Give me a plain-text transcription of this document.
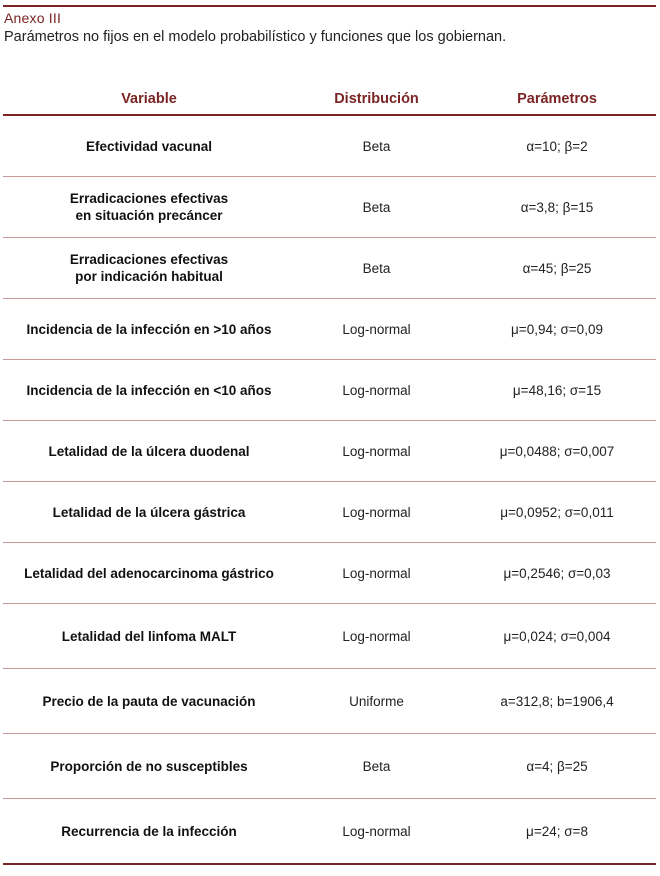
Anexo III
Parámetros no fijos en el modelo probabilístico y funciones que los gobiernan.
Variable	Distribución	Parámetros

Efectividad vacunal	Beta	α=10; β=2

Erradicaciones efectivas
en situación precáncer	Beta	α=3,8; β=15

Erradicaciones efectivas
por indicación habitual	Beta	α=45; β=25

Incidencia de la infección en >10 años	Log-normal	μ=0,94; σ=0,09

Incidencia de la infección en <10 años	Log-normal	μ=48,16; σ=15

Letalidad de la úlcera duodenal	Log-normal	μ=0,0488; σ=0,007

Letalidad de la úlcera gástrica	Log-normal	μ=0,0952; σ=0,011

Letalidad del adenocarcinoma gástrico	Log-normal	μ=0,2546; σ=0,03

Letalidad del linfoma MALT	Log-normal	μ=0,024; σ=0,004

Precio de la pauta de vacunación	Uniforme	a=312,8; b=1906,4

Proporción de no susceptibles	Beta	α=4; β=25

Recurrencia de la infección	Log-normal	μ=24; σ=8
